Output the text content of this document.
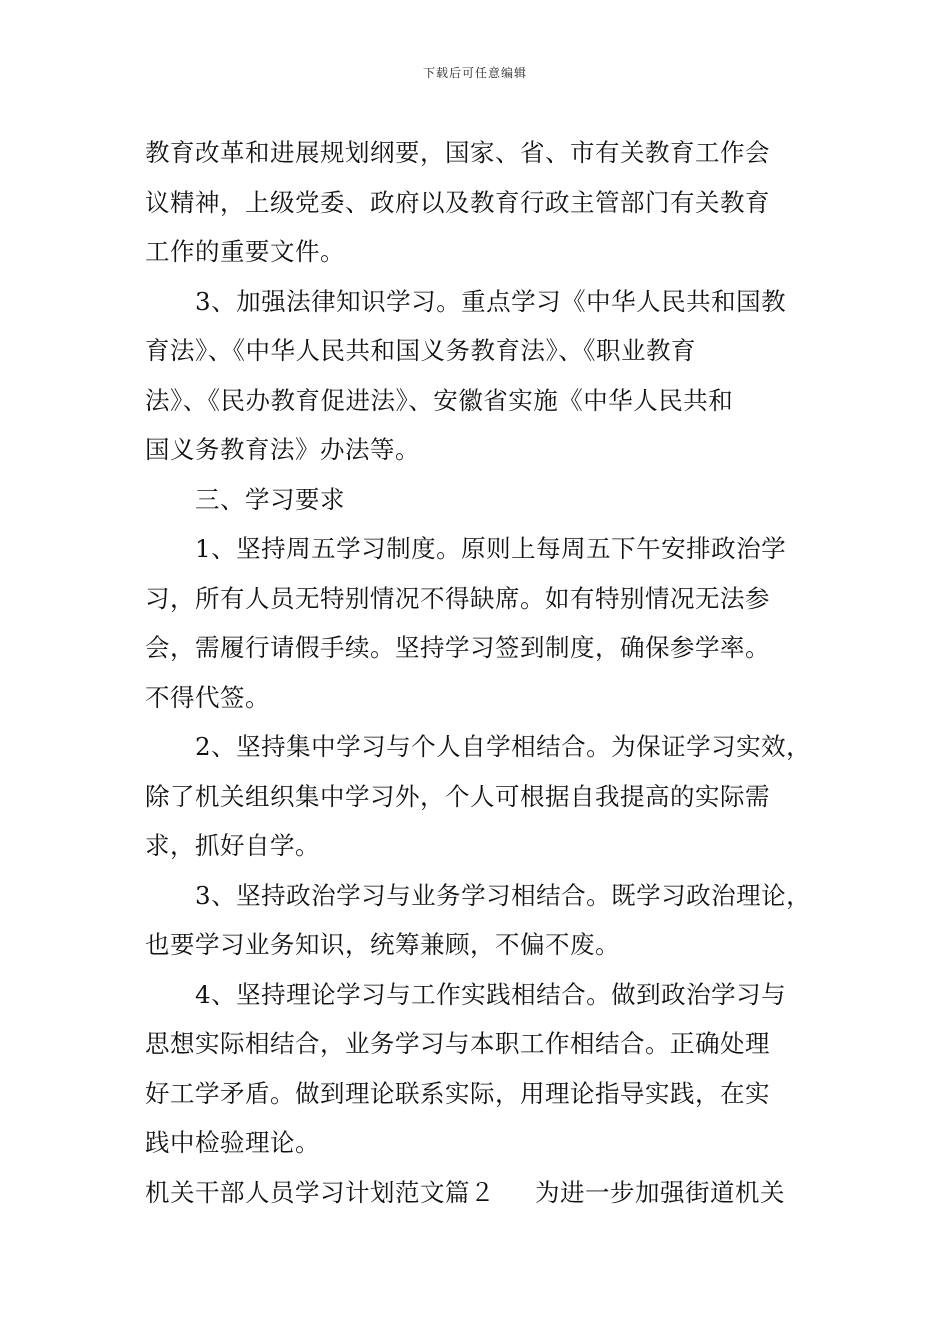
下载后可任意编辑
教育改革和进展规划纲要，国家、省、市有关教育工作会
议精神，上级党委、政府以及教育行政主管部门有关教育
工作的重要文件。
3、加强法律知识学习。重点学习《中华人民共和国教
育法》、《中华人民共和国义务教育法》、《职业教育
法》、《民办教育促进法》、安徽省实施《中华人民共和
国义务教育法》办法等。
三、学习要求
1、坚持周五学习制度。原则上每周五下午安排政治学
习，所有人员无特别情况不得缺席。如有特别情况无法参
会，需履行请假手续。坚持学习签到制度，确保参学率。
不得代签。
2、坚持集中学习与个人自学相结合。为保证学习实效，
除了机关组织集中学习外，个人可根据自我提高的实际需
求，抓好自学。
3、坚持政治学习与业务学习相结合。既学习政治理论，
也要学习业务知识，统筹兼顾，不偏不废。
4、坚持理论学习与工作实践相结合。做到政治学习与
思想实际相结合，业务学习与本职工作相结合。正确处理
好工学矛盾。做到理论联系实际，用理论指导实践，在实
践中检验理论。
机关干部人员学习计划范文篇２ 为进一步加强街道机关
